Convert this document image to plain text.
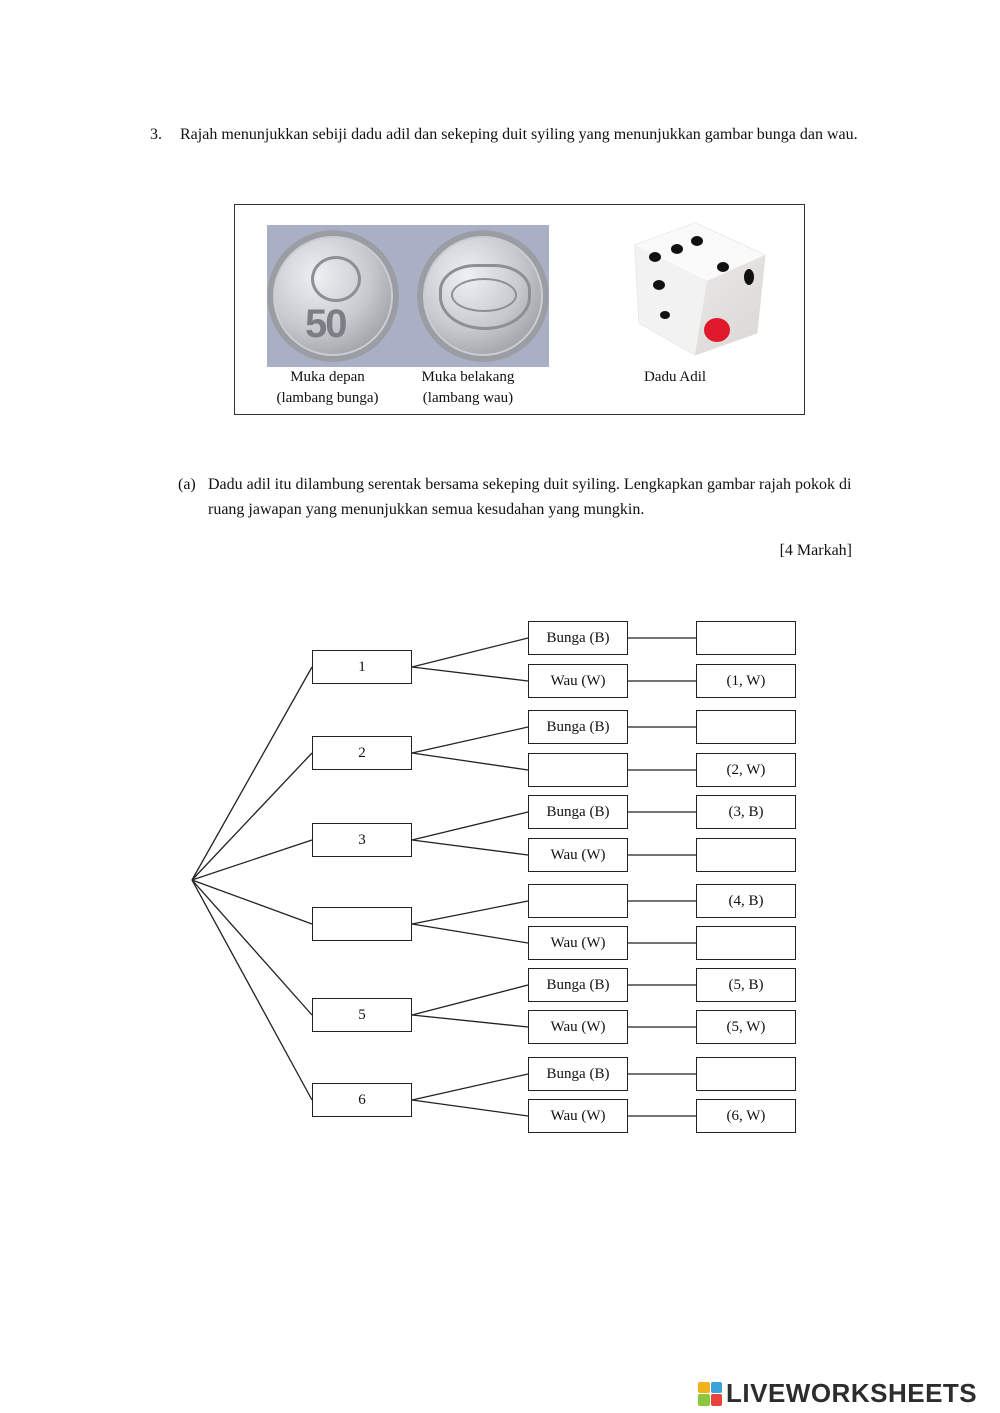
3. Rajah menunjukkan sebiji dadu adil dan sekeping duit syiling yang menunjukkan gambar bunga dan wau.
50
Muka depan
(lambang bunga)
Muka belakang
(lambang wau)
Dadu Adil
(a) Dadu adil itu dilambung serentak bersama sekeping duit syiling. Lengkapkan gambar rajah pokok di ruang jawapan yang menunjukkan semua kesudahan yang mungkin.
[4 Markah]
1
2
3
5
6
Bunga (B)
Wau (W)
Bunga (B)
Bunga (B)
Wau (W)
Wau (W)
Bunga (B)
Wau (W)
Bunga (B)
Wau (W)
(1, W)
(2, W)
(3, B)
(4, B)
(5, B)
(5, W)
(6, W)
LIVEWORKSHEETS
